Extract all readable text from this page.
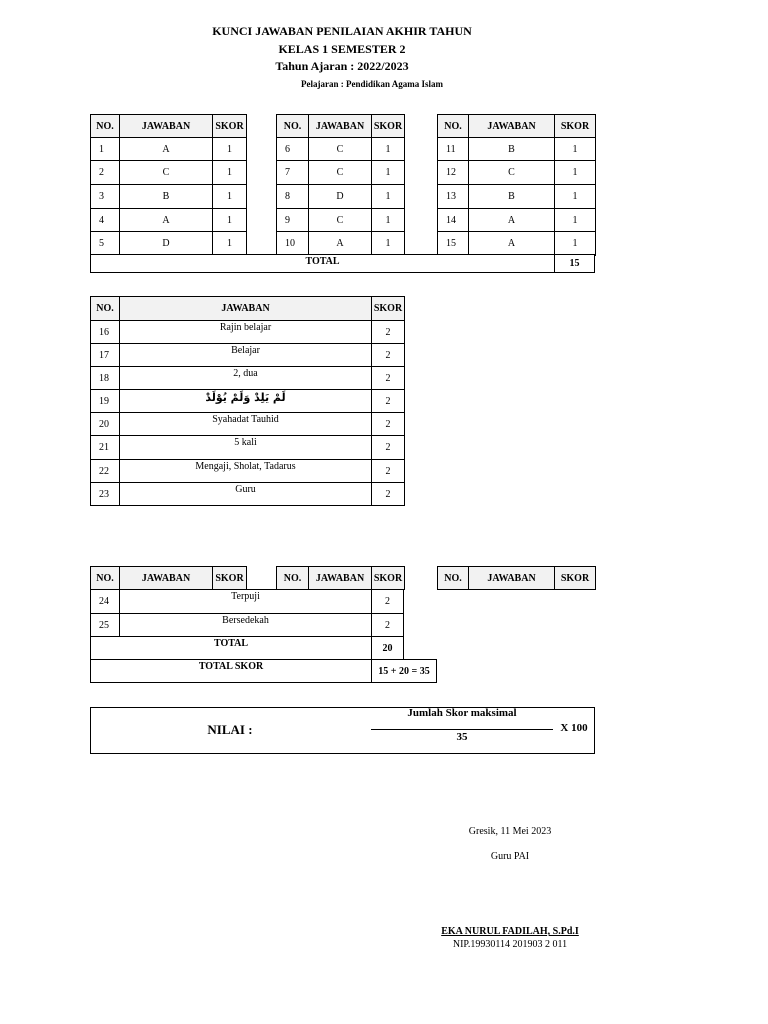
KUNCI JAWABAN PENILAIAN AKHIR TAHUN
KELAS 1 SEMESTER 2
Tahun Ajaran : 2022/2023
Pelajaran : Pendidikan Agama Islam
NO.	JAWABAN	SKOR
1	A	1
2	C	1
3	B	1
4	A	1
5	D	1
NO.	JAWABAN SKOR
6	C	1
7	C	1
8	D	1
9	C	1
10	A	1
NO.	JAWABAN	SKOR
11	B	1
12	C	1
13	B	1
14	A	1
15	A	1
TOTAL	15
NO.	JAWABAN	SKOR
16	Rajin belajar	2
17	Belajar	2
18	2, dua	2
19	لَمْ يَلِدْ وَلَمْ يُوْلَدْ	2
20	Syahadat Tauhid	2
21	5 kali	2
22	Mengaji, Sholat, Tadarus	2
23	Guru	2
NO.	JAWABAN	SKOR	NO.	JAWABAN SKOR	NO.	JAWABAN	SKOR
24	Terpuji	2
25	Bersedekah	2
TOTAL	20
TOTAL SKOR	15 + 20 = 35
NILAI :
Jumlah Skor maksimal
35
X 100
Gresik, 11 Mei 2023
Guru PAI
EKA NURUL FADILAH, S.Pd.I
NIP.19930114 201903 2 011
